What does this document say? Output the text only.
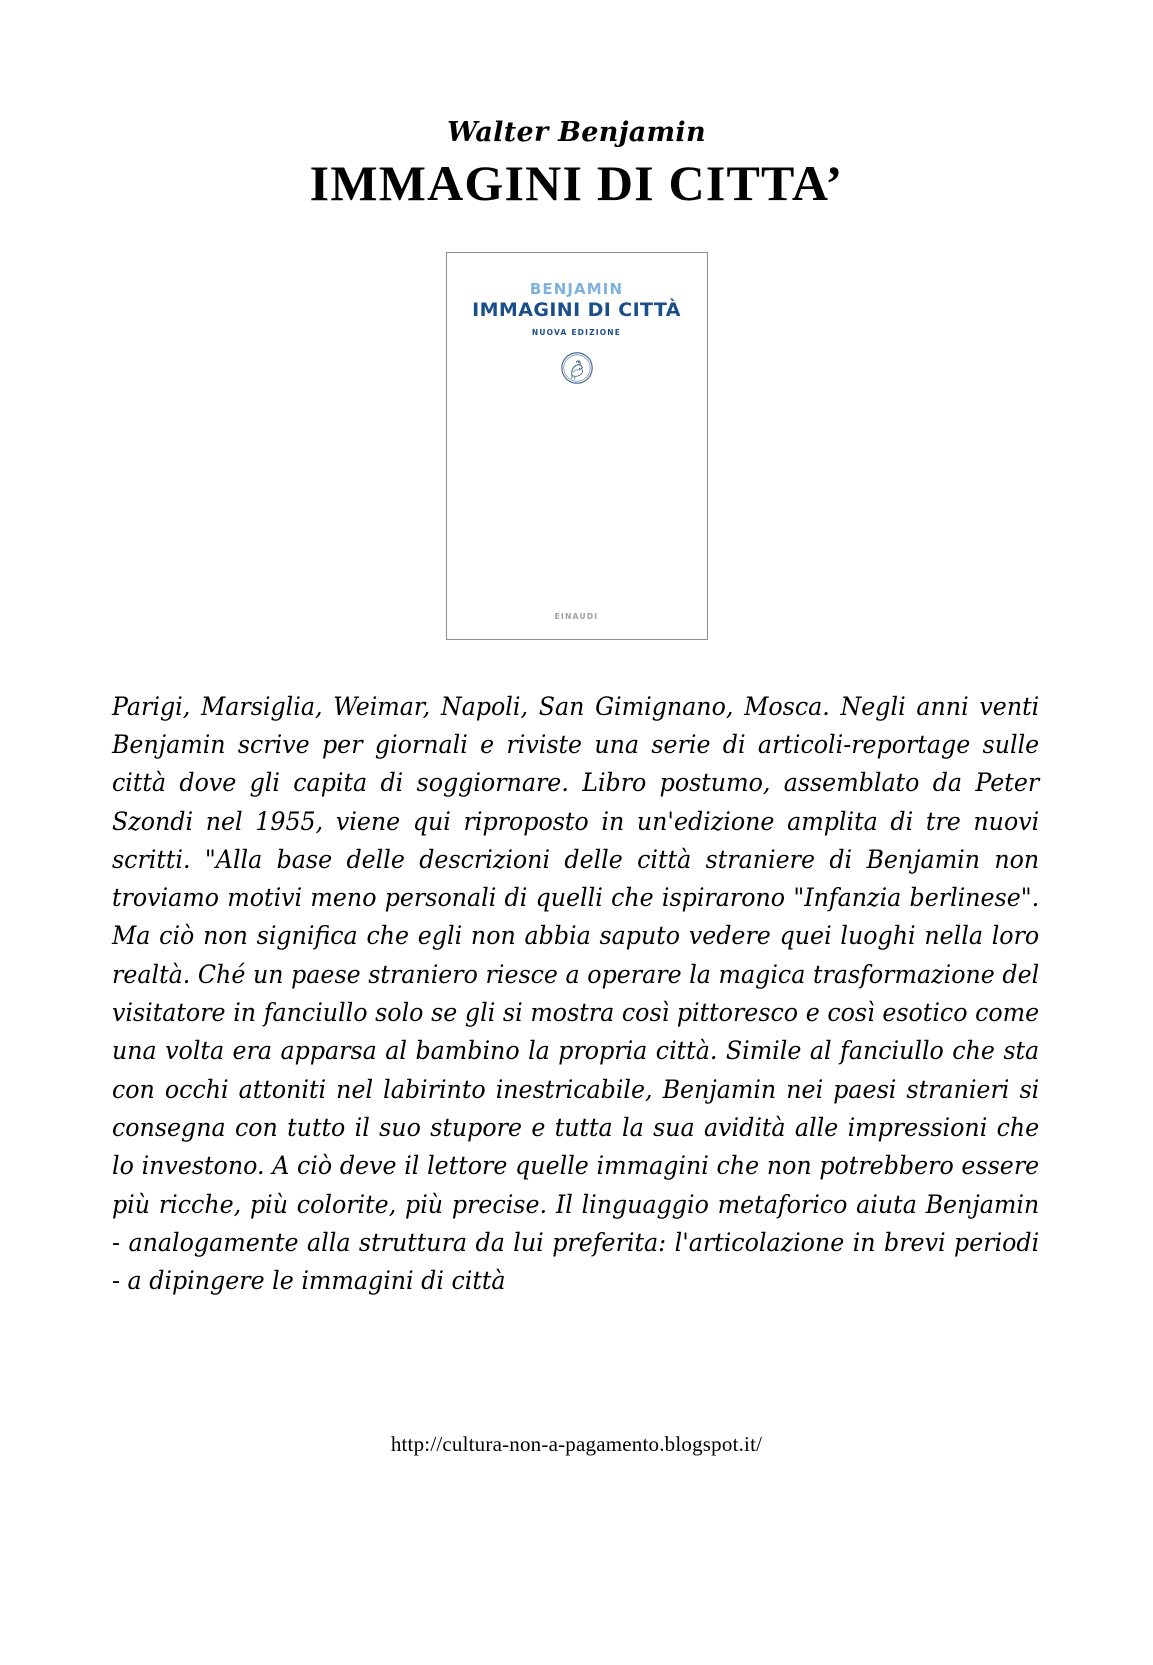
Walter Benjamin
IMMAGINI DI CITTA’
BENJAMIN
IMMAGINI DI CITTÀ
NUOVA EDIZIONE
EINAUDI
Parigi, Marsiglia, Weimar, Napoli, San Gimignano, Mosca. Negli anni venti Benjamin scrive per giornali e riviste una serie di articoli-reportage sulle città dove gli capita di soggiornare. Libro postumo, assemblato da Peter Szondi nel 1955, viene qui riproposto in un'edizione amplita di tre nuovi scritti. "Alla base delle descrizioni delle città straniere di Benjamin non troviamo motivi meno personali di quelli che ispirarono "Infanzia berlinese". Ma ciò non significa che egli non abbia saputo vedere quei luoghi nella loro realtà. Ché un paese straniero riesce a operare la magica trasformazione del visitatore in fanciullo solo se gli si mostra così pittoresco e così esotico come una volta era apparsa al bambino la propria città. Simile al fanciullo che sta con occhi attoniti nel labirinto inestricabile, Benjamin nei paesi stranieri si consegna con tutto il suo stupore e tutta la sua avidità alle impressioni che lo investono. A ciò deve il lettore quelle immagini che non potrebbero essere più ricche, più colorite, più precise. Il linguaggio metaforico aiuta Benjamin - analogamente alla struttura da lui preferita: l'articolazione in brevi periodi - a dipingere le immagini di città
http://cultura-non-a-pagamento.blogspot.it/
